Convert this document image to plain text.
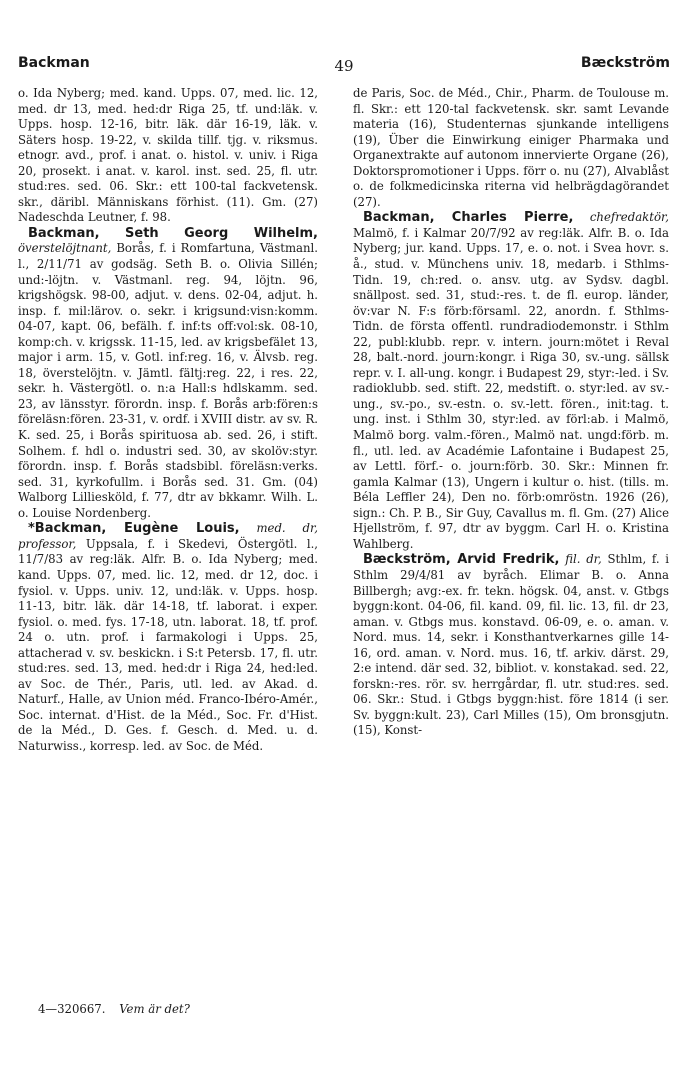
Backman	49	Bæckström

o. Ida Nyberg; med. kand. Upps. 07, med. lic. 12, med. dr 13, med. hed:dr Riga 25, tf. und:läk. v. Upps. hosp. 12-16, bitr. läk. där 16-19, läk. v. Säters hosp. 19-22, v. skilda tillf. tjg. v. riksmus. etnogr. avd., prof. i anat. o. histol. v. univ. i Riga 20, prosekt. i anat. v. karol. inst. sed. 25, fl. utr. stud:res. sed. 06. Skr.: ett 100-tal fackvetensk. skr., däribl. Människans förhist. (11). Gm. (27) Nadeschda Leutner, f. 98.

Backman, Seth Georg Wilhelm, överstelöjtnant, Borås, f. i Romfartuna, Västmanl. l., 2/11/71 av godsäg. Seth B. o. Olivia Sillén; und:-löjtn. v. Västmanl. reg. 94, löjtn. 96, krigshögsk. 98-00, adjut. v. dens. 02-04, adjut. h. insp. f. mil:lärov. o. sekr. i krigsund:visn:komm. 04-07, kapt. 06, befälh. f. inf:ts off:vol:sk. 08-10, komp:ch. v. krigssk. 11-15, led. av krigsbefälet 13, major i arm. 15, v. Gotl. inf:reg. 16, v. Älvsb. reg. 18, överstelöjtn. v. Jämtl. fältj:reg. 22, i res. 22, sekr. h. Västergötl. o. n:a Hall:s hdlskamm. sed. 23, av länsstyr. förordn. insp. f. Borås arb:fören:s föreläsn:fören. 23-31, v. ordf. i XVIII distr. av sv. R. K. sed. 25, i Borås spirituosa ab. sed. 26, i stift. Solhem. f. hdl o. industri sed. 30, av skolöv:styr. förordn. insp. f. Borås stadsbibl. föreläsn:verks. sed. 31, kyrkofullm. i Borås sed. 31. Gm. (04) Walborg Lilliesköld, f. 77, dtr av bkkamr. Wilh. L. o. Louise Nordenberg.

*Backman, Eugène Louis, med. dr, professor, Uppsala, f. i Skedevi, Östergötl. l., 11/7/83 av reg:läk. Alfr. B. o. Ida Nyberg; med. kand. Upps. 07, med. lic. 12, med. dr 12, doc. i fysiol. v. Upps. univ. 12, und:läk. v. Upps. hosp. 11-13, bitr. läk. där 14-18, tf. laborat. i exper. fysiol. o. med. fys. 17-18, utn. laborat. 18, tf. prof. 24 o. utn. prof. i farmakologi i Upps. 25, attacherad v. sv. beskickn. i S:t Petersb. 17, fl. utr. stud:res. sed. 13, med. hed:dr i Riga 24, hed:led. av Soc. de Thér., Paris, utl. led. av Akad. d. Naturf., Halle, av Union méd. Franco-Ibéro-Amér., Soc. internat. d'Hist. de la Méd., Soc. Fr. d'Hist. de la Méd., D. Ges. f. Gesch. d. Med. u. d. Naturwiss., korresp. led. av Soc. de Méd.

de Paris, Soc. de Méd., Chir., Pharm. de Toulouse m. fl. Skr.: ett 120-tal fackvetensk. skr. samt Levande materia (16), Studenternas sjunkande intelligens (19), Über die Einwirkung einiger Pharmaka und Organextrakte auf autonom innervierte Organe (26), Doktorspromotioner i Upps. förr o. nu (27), Alvablåst o. de folkmedicinska riterna vid helbrägdagörandet (27).

Backman, Charles Pierre, chefredaktör, Malmö, f. i Kalmar 20/7/92 av reg:läk. Alfr. B. o. Ida Nyberg; jur. kand. Upps. 17, e. o. not. i Svea hovr. s. å., stud. v. Münchens univ. 18, medarb. i Sthlms-Tidn. 19, ch:red. o. ansv. utg. av Sydsv. dagbl. snällpost. sed. 31, stud:-res. t. de fl. europ. länder, öv:var N. F:s förb:församl. 22, anordn. f. Sthlms-Tidn. de första offentl. rundradiodemonstr. i Sthlm 22, publ:klubb. repr. v. intern. journ:mötet i Reval 28, balt.-nord. journ:kongr. i Riga 30, sv.-ung. sällsk repr. v. I. all-ung. kongr. i Budapest 29, styr:-led. i Sv. radioklubb. sed. stift. 22, medstift. o. styr:led. av sv.-ung., sv.-po., sv.-estn. o. sv.-lett. fören., init:tag. t. ung. inst. i Sthlm 30, styr:led. av förl:ab. i Malmö, Malmö borg. valm.-fören., Malmö nat. ungd:förb. m. fl., utl. led. av Académie Lafontaine i Budapest 25, av Lettl. förf.- o. journ:förb. 30. Skr.: Minnen fr. gamla Kalmar (13), Ungern i kultur o. hist. (tills. m. Béla Leffler 24), Den no. förb:omröstn. 1926 (26), sign.: Ch. P. B., Sir Guy, Cavallus m. fl. Gm. (27) Alice Hjellström, f. 97, dtr av byggm. Carl H. o. Kristina Wahlberg.

Bæckström, Arvid Fredrik, fil. dr, Sthlm, f. i Sthlm 29/4/81 av byråch. Elimar B. o. Anna Billbergh; avg:-ex. fr. tekn. högsk. 04, anst. v. Gtbgs byggn:kont. 04-06, fil. kand. 09, fil. lic. 13, fil. dr 23, aman. v. Gtbgs mus. konstavd. 06-09, e. o. aman. v. Nord. mus. 14, sekr. i Konsthantverkarnes gille 14-16, ord. aman. v. Nord. mus. 16, tf. arkiv. därst. 29, 2:e intend. där sed. 32, bibliot. v. konstakad. sed. 22, forskn:-res. rör. sv. herrgårdar, fl. utr. stud:res. sed. 06. Skr.: Stud. i Gtbgs byggn:hist. före 1814 (i ser. Sv. byggn:kult. 23), Carl Milles (15), Om bronsgjutn. (15), Konst-

4—320667. Vem är det?
